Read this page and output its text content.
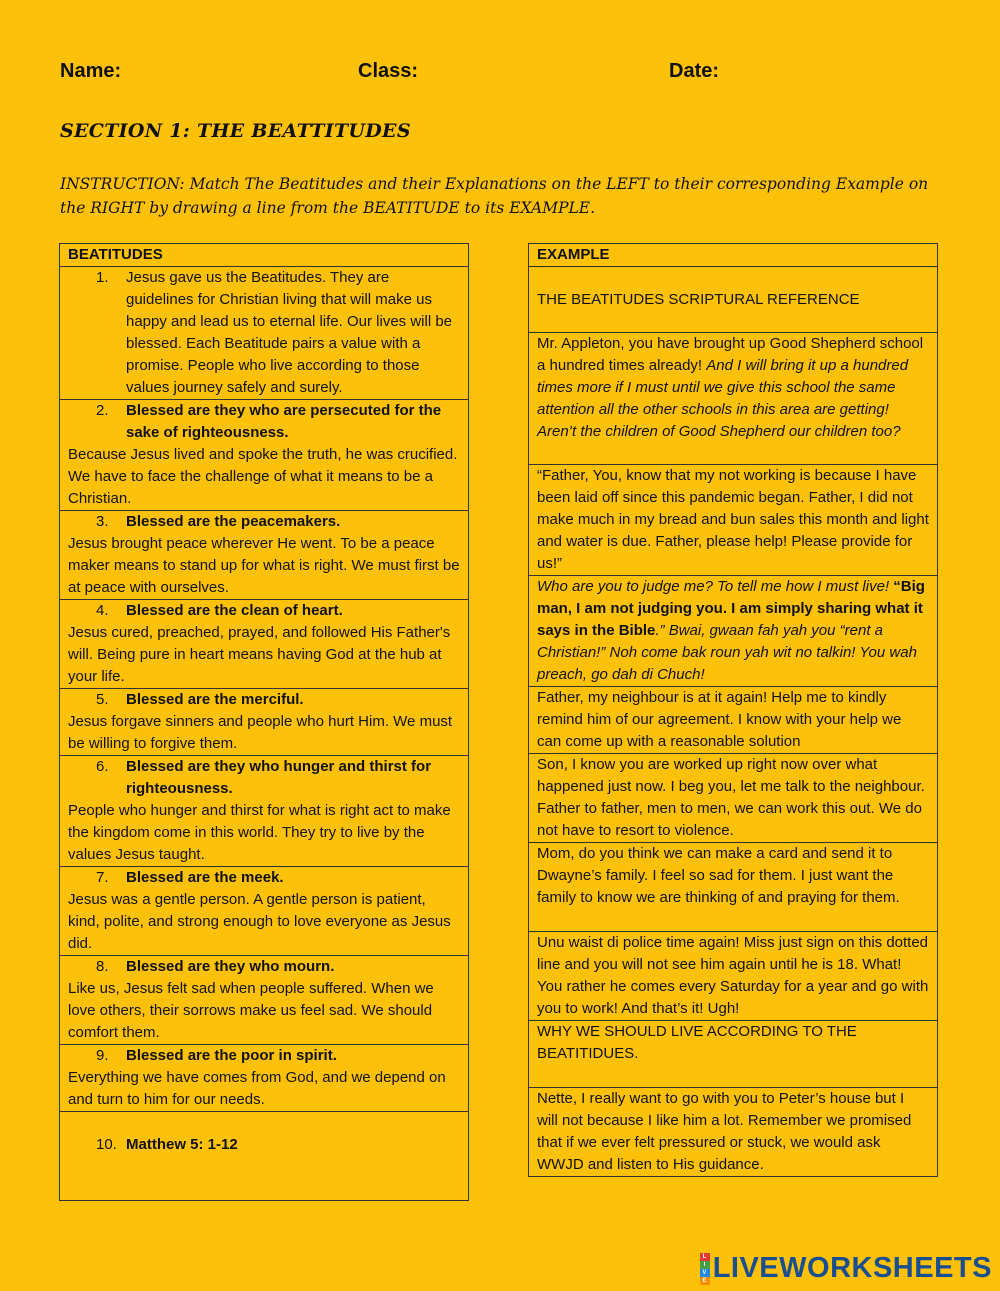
Name:	Class:	Date:
SECTION 1: THE BEATTITUDES
INSTRUCTION: Match The Beatitudes and their Explanations on the LEFT to their corresponding Example on the RIGHT by drawing a line from the BEATITUDE to its EXAMPLE.
BEATITUDES

1.	Jesus gave us the Beatitudes. They are guidelines for Christian living that will make us happy and lead us to eternal life. Our lives will be blessed. Each Beatitude pairs a value with a promise. People who live according to those values journey safely and surely.

2.	Blessed are they who are persecuted for the sake of righteousness.
Because Jesus lived and spoke the truth, he was crucified. We have to face the challenge of what it means to be a Christian.

3.	Blessed are the peacemakers.
Jesus brought peace wherever He went. To be a peace maker means to stand up for what is right. We must first be at peace with ourselves.

4.	Blessed are the clean of heart.
Jesus cured, preached, prayed, and followed His Father's will. Being pure in heart means having God at the hub at your life.

5.	Blessed are the merciful.
Jesus forgave sinners and people who hurt Him. We must be willing to forgive them.

6.	Blessed are they who hunger and thirst for righteousness.
People who hunger and thirst for what is right act to make the kingdom come in this world. They try to live by the values Jesus taught.

7.	Blessed are the meek.
Jesus was a gentle person. A gentle person is patient, kind, polite, and strong enough to love everyone as Jesus did.

8.	Blessed are they who mourn.
Like us, Jesus felt sad when people suffered. When we love others, their sorrows make us feel sad. We should comfort them.

9.	Blessed are the poor in spirit.
Everything we have comes from God, and we depend on and turn to him for our needs.

10. Matthew 5: 1-12
EXAMPLE
THE BEATITUDES SCRIPTURAL REFERENCE
Mr. Appleton, you have brought up Good Shepherd school a hundred times already! And I will bring it up a hundred times more if I must until we give this school the same attention all the other schools in this area are getting! Aren’t the children of Good Shepherd our children too?
“Father, You, know that my not working is because I have been laid off since this pandemic began. Father, I did not make much in my bread and bun sales this month and light and water is due. Father, please help! Please provide for us!”
Who are you to judge me? To tell me how I must live! “Big man, I am not judging you. I am simply sharing what it says in the Bible.” Bwai, gwaan fah yah you “rent a Christian!” Noh come bak roun yah wit no talkin! You wah preach, go dah di Chuch!
Father, my neighbour is at it again! Help me to kindly remind him of our agreement. I know with your help we can come up with a reasonable solution
Son, I know you are worked up right now over what happened just now. I beg you, let me talk to the neighbour. Father to father, men to men, we can work this out. We do not have to resort to violence.
Mom, do you think we can make a card and send it to Dwayne’s family. I feel so sad for them. I just want the family to know we are thinking of and praying for them.
Unu waist di police time again! Miss just sign on this dotted line and you will not see him again until he is 18. What! You rather he comes every Saturday for a year and go with you to work! And that’s it! Ugh!
WHY WE SHOULD LIVE ACCORDING TO THE BEATITIDUES.
Nette, I really want to go with you to Peter’s house but I will not because I like him a lot. Remember we promised that if we ever felt pressured or stuck, we would ask WWJD and listen to His guidance.
L
I
V
E LIVEWORKSHEETS
